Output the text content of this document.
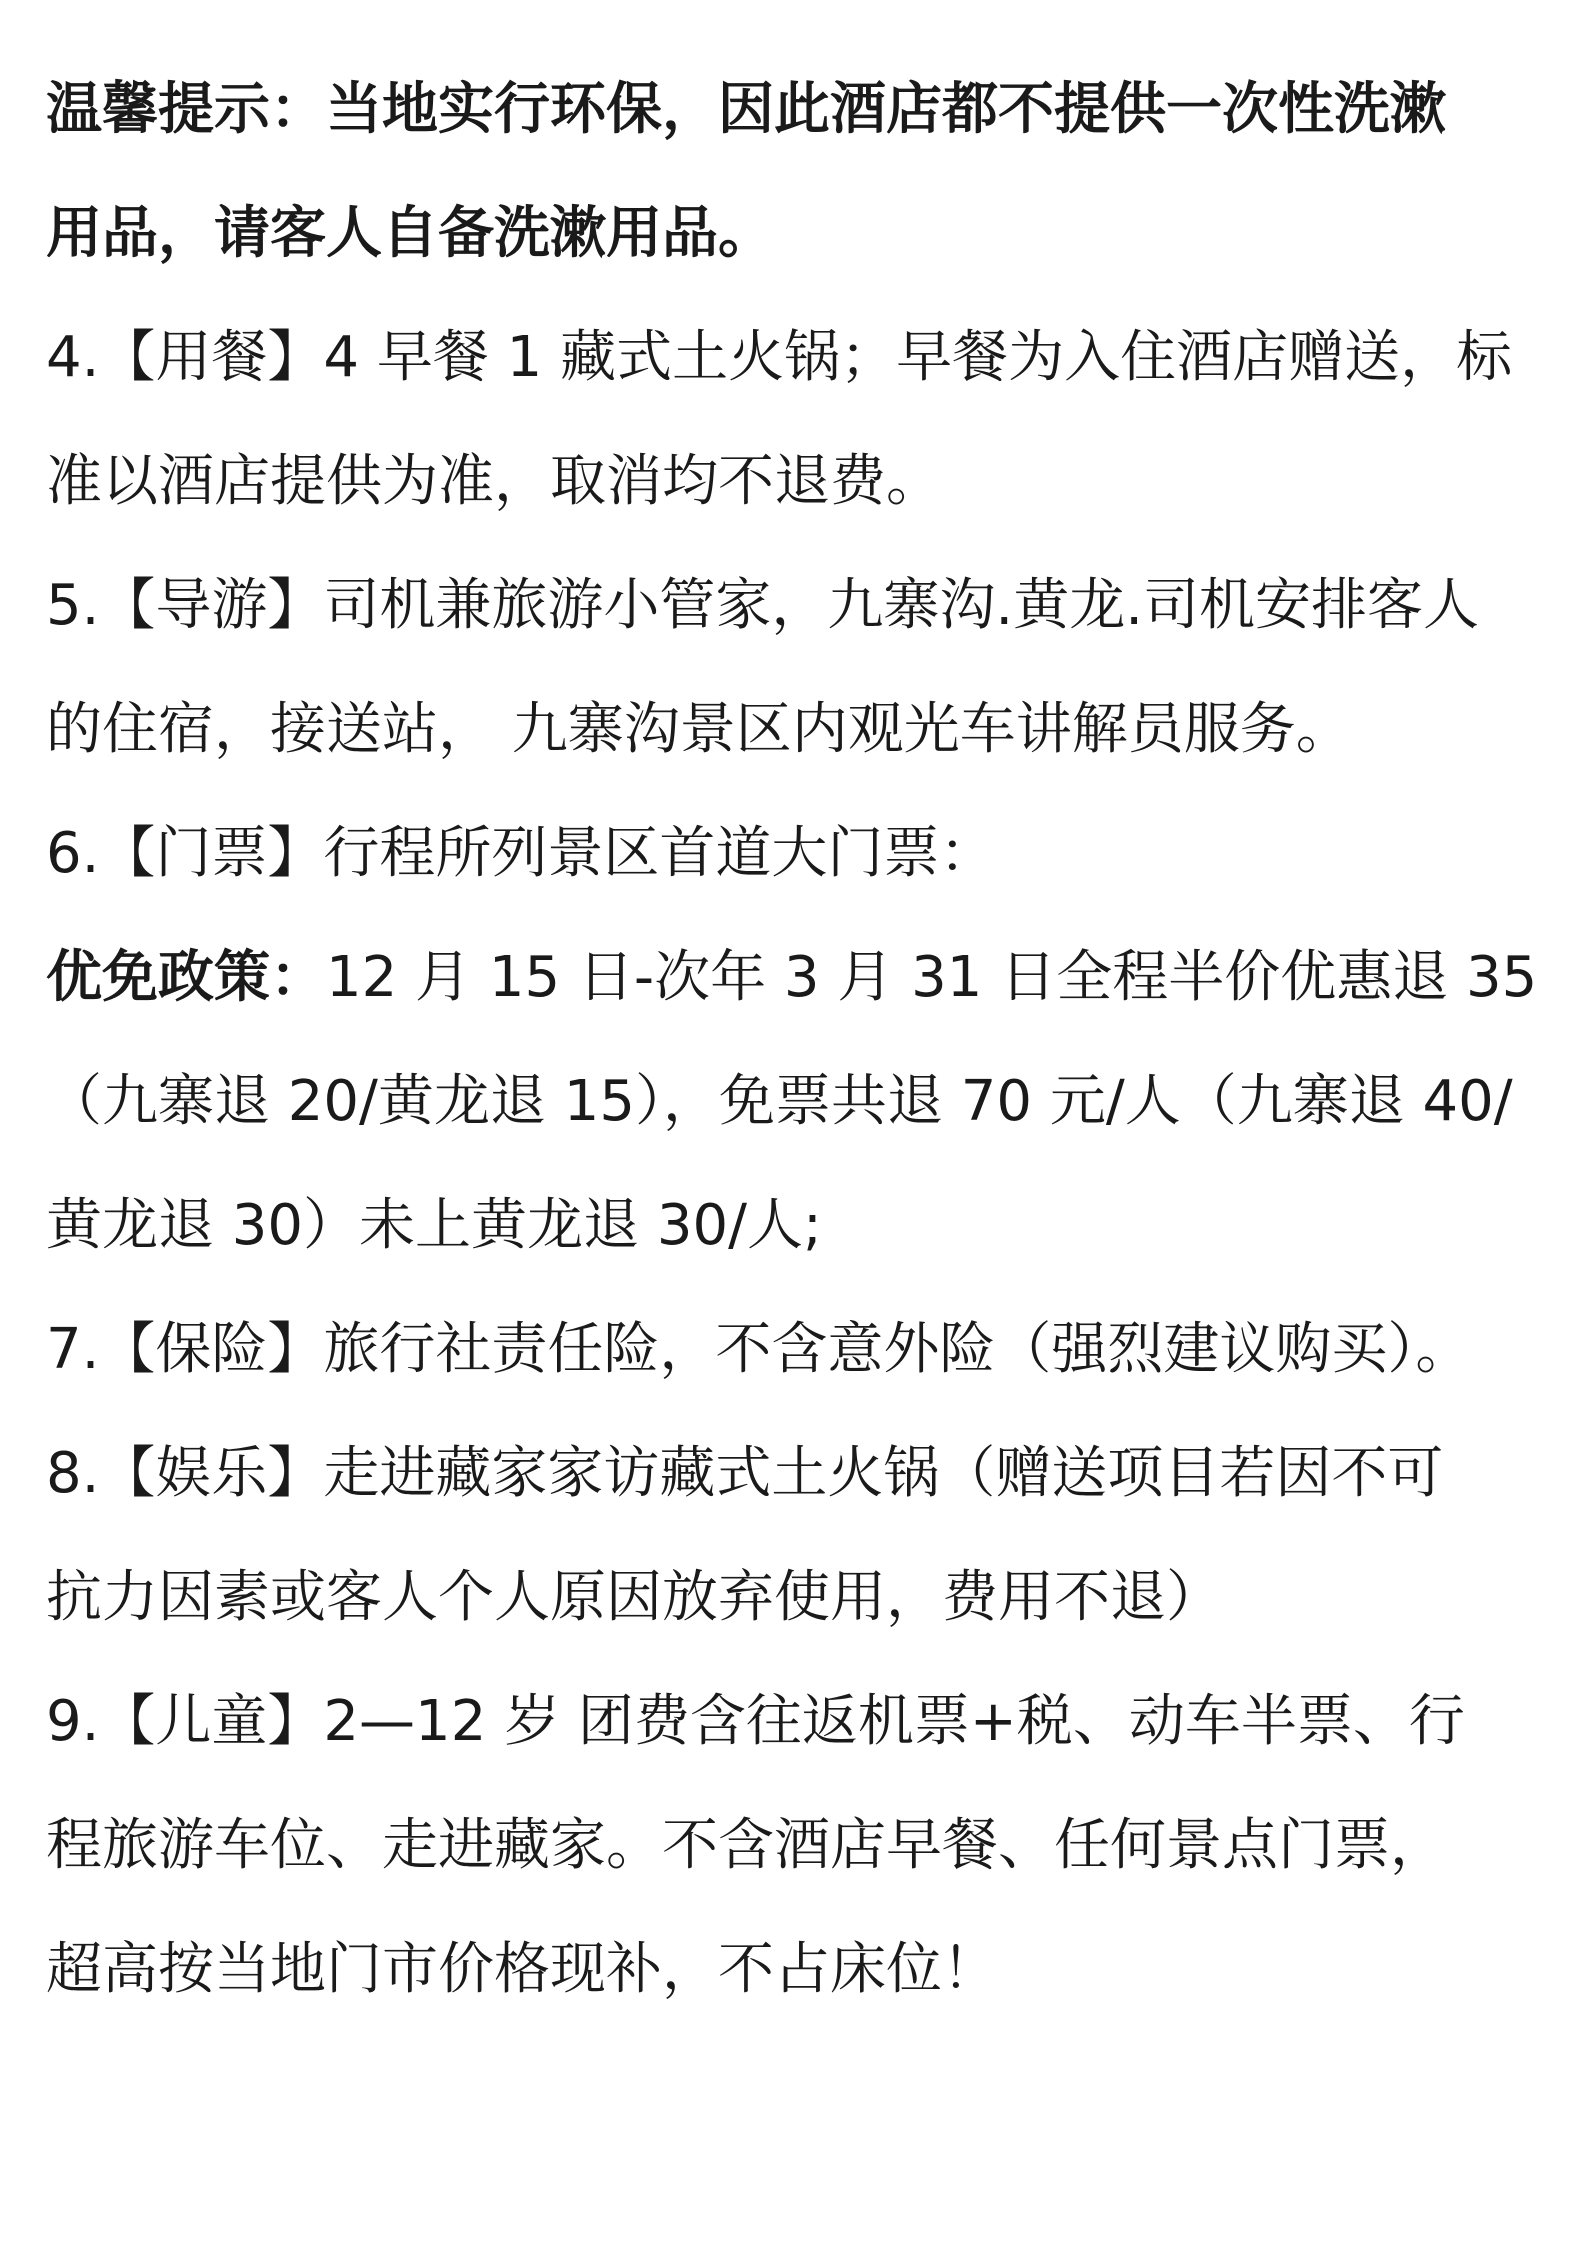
温馨提示：当地实行环保，因此酒店都不提供一次性洗漱
用品，请客人自备洗漱用品。
4.【用餐】4 早餐 1 藏式土火锅；早餐为入住酒店赠送，标
准以酒店提供为准，取消均不退费。
5.【导游】司机兼旅游小管家，九寨沟.黄龙.司机安排客人
的住宿，接送站， 九寨沟景区内观光车讲解员服务。
6.【门票】行程所列景区首道大门票：
优免政策：12 月 15 日-次年 3 月 31 日全程半价优惠退 35
（九寨退 20/黄龙退 15），免票共退 70 元/人（九寨退 40/
黄龙退 30）未上黄龙退 30/人;
7.【保险】旅行社责任险，不含意外险（强烈建议购买）。
8.【娱乐】走进藏家家访藏式土火锅（赠送项目若因不可
抗力因素或客人个人原因放弃使用，费用不退）
9.【儿童】2—12 岁 团费含往返机票+税、动车半票、行
程旅游车位、走进藏家。不含酒店早餐、任何景点门票，
超高按当地门市价格现补，不占床位！
